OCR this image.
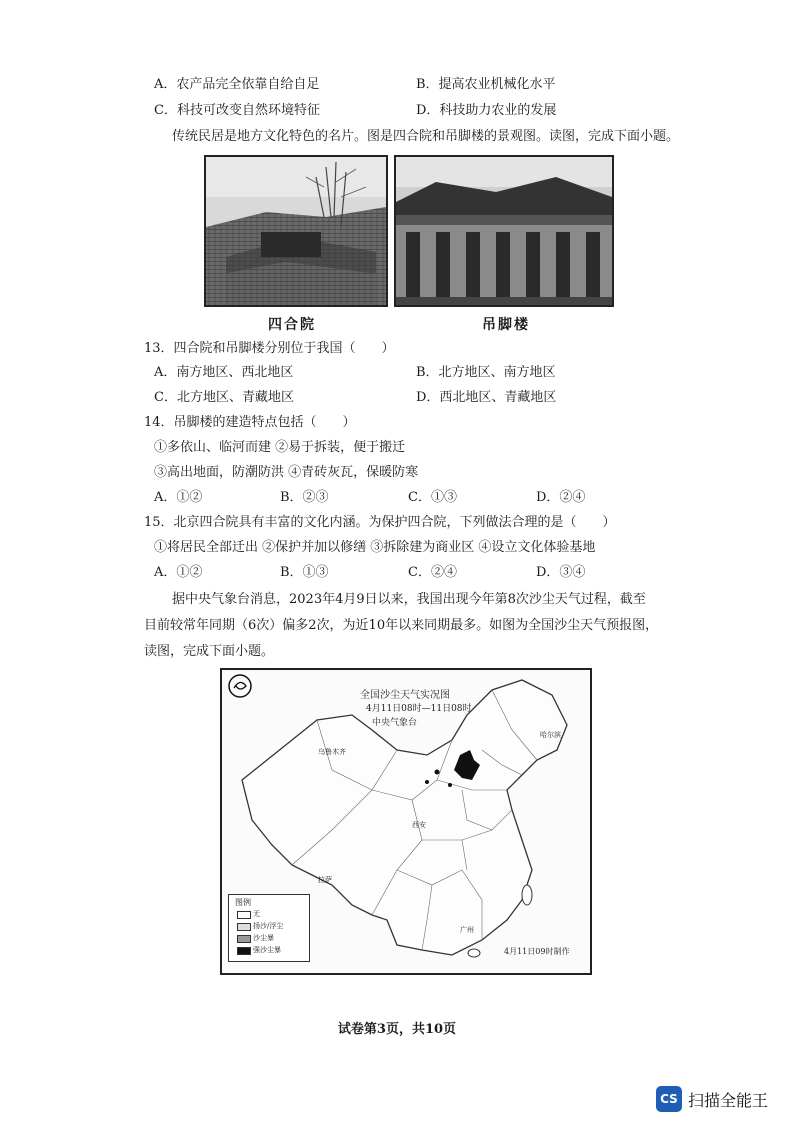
A．农产品完全依靠自给自足	B．提高农业机械化水平
C．科技可改变自然环境特征	D．科技助力农业的发展
传统民居是地方文化特色的名片。图是四合院和吊脚楼的景观图。读图，完成下面小题。
四合院	吊脚楼
13．四合院和吊脚楼分别位于我国（　　）
A．南方地区、西北地区	B．北方地区、南方地区
C．北方地区、青藏地区	D．西北地区、青藏地区
14．吊脚楼的建造特点包括（　　）
①多依山、临河而建 ②易于拆装，便于搬迁
③高出地面，防潮防洪 ④青砖灰瓦，保暖防寒
A．①②	B．②③	C．①③	D．②④
15．北京四合院具有丰富的文化内涵。为保护四合院，下列做法合理的是（　　）
①将居民全部迁出 ②保护并加以修缮 ③拆除建为商业区 ④设立文化体验基地
A．①②	B．①③	C．②④	D．③④
据中央气象台消息，2023年4月9日以来，我国出现今年第8次沙尘天气过程，截至
目前较常年同期（6次）偏多2次，为近10年以来同期最多。如图为全国沙尘天气预报图，
读图，完成下面小题。
全国沙尘天气实况图
4月11日08时—11日08时
中央气象台
乌鲁木齐
拉萨
哈尔滨
西安
广州
图例
无
扬沙/浮尘
沙尘暴
强沙尘暴	4月11日09时制作
试卷第3页，共10页
CS 扫描全能王
